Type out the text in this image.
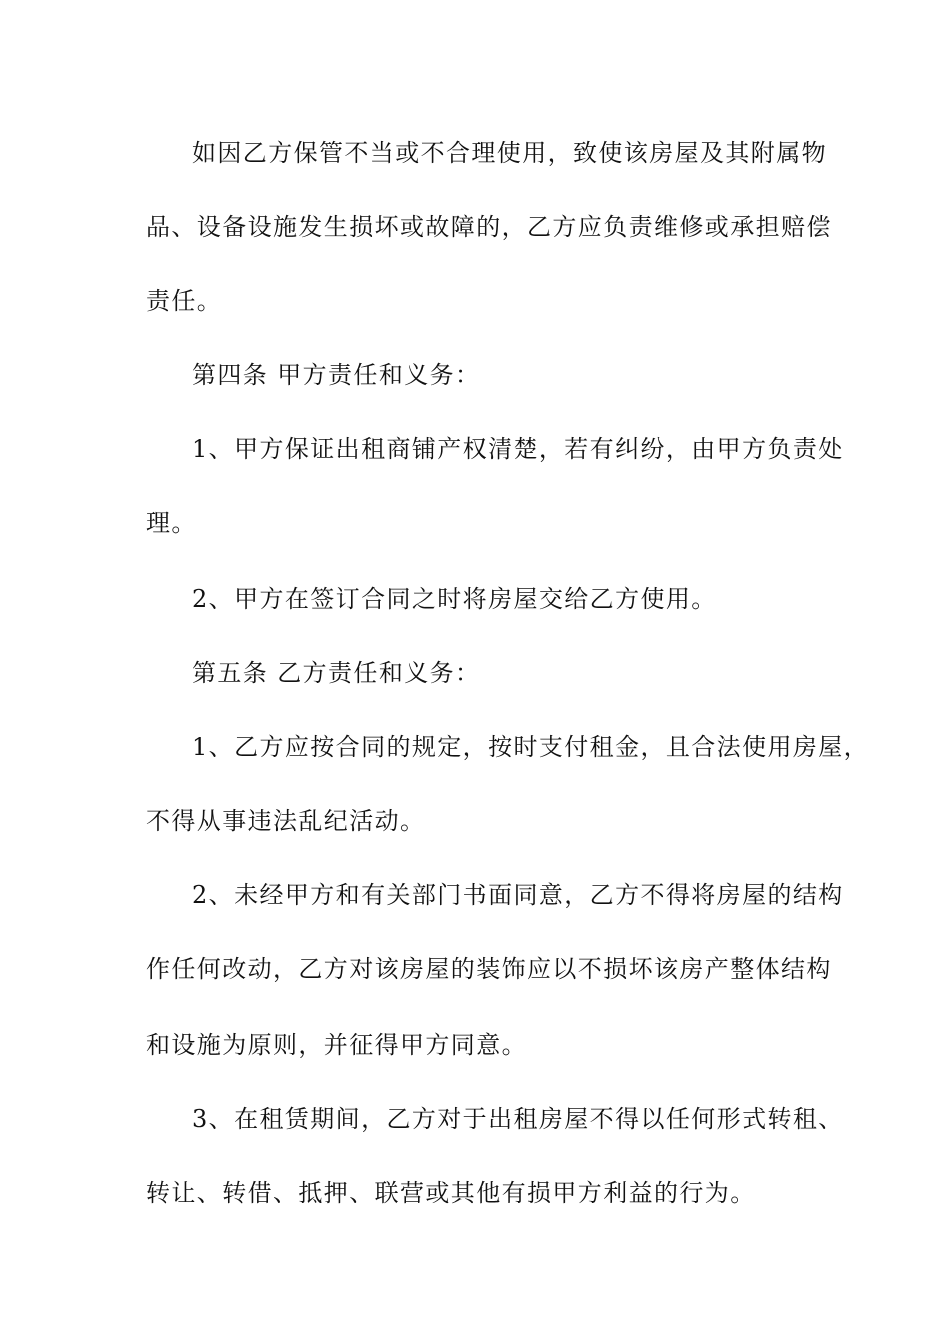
如因乙方保管不当或不合理使用，致使该房屋及其附属物
品、设备设施发生损坏或故障的，乙方应负责维修或承担赔偿
责任。
第四条 甲方责任和义务：
1、甲方保证出租商铺产权清楚，若有纠纷，由甲方负责处
理。
2、甲方在签订合同之时将房屋交给乙方使用。
第五条 乙方责任和义务：
1、乙方应按合同的规定，按时支付租金，且合法使用房屋，
不得从事违法乱纪活动。
2、未经甲方和有关部门书面同意，乙方不得将房屋的结构
作任何改动，乙方对该房屋的装饰应以不损坏该房产整体结构
和设施为原则，并征得甲方同意。
3、在租赁期间，乙方对于出租房屋不得以任何形式转租、
转让、转借、抵押、联营或其他有损甲方利益的行为。
